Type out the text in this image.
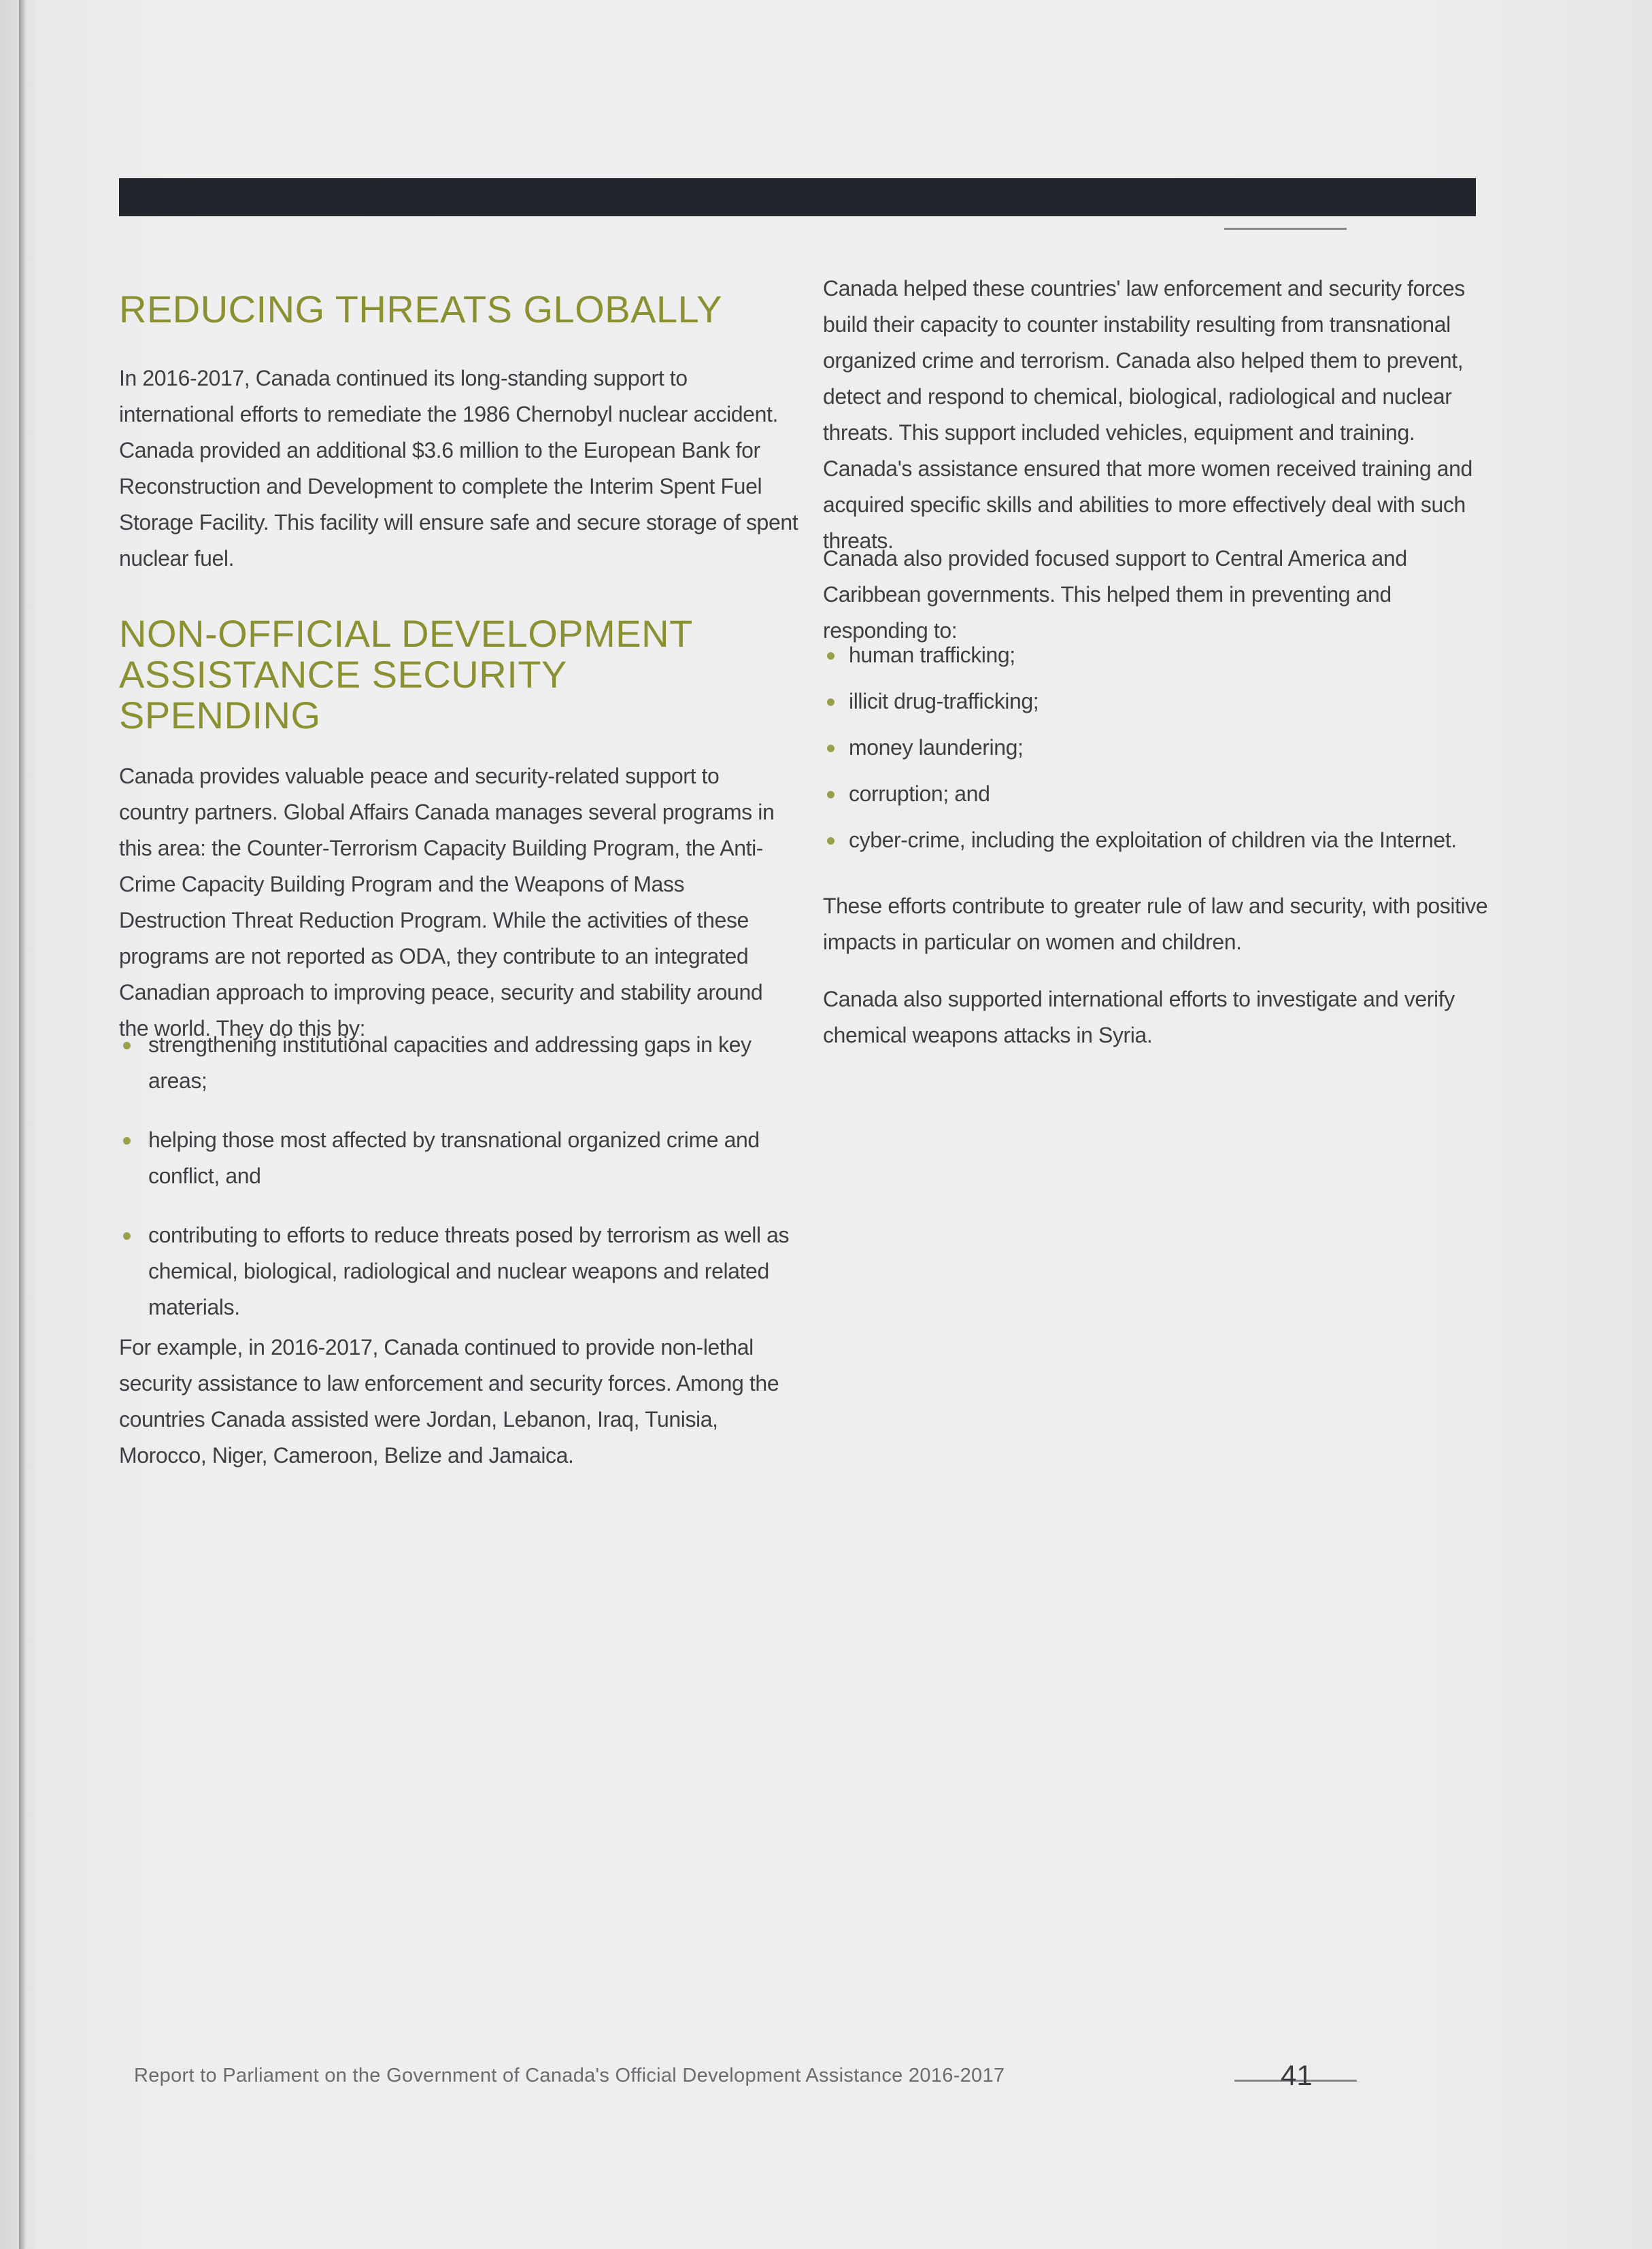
REDUCING THREATS GLOBALLY

In 2016-2017, Canada continued its long-standing support to international efforts to remediate the 1986 Chernobyl nuclear accident. Canada provided an additional $3.6 million to the European Bank for Reconstruction and Development to complete the Interim Spent Fuel Storage Facility. This facility will ensure safe and secure storage of spent nuclear fuel.

NON-OFFICIAL DEVELOPMENT
ASSISTANCE SECURITY
SPENDING

Canada provides valuable peace and security-related support to country partners. Global Affairs Canada manages several programs in this area: the Counter-Terrorism Capacity Building Program, the Anti-Crime Capacity Building Program and the Weapons of Mass Destruction Threat Reduction Program. While the activities of these programs are not reported as ODA, they contribute to an integrated Canadian approach to improving peace, security and stability around the world. They do this by:

strengthening institutional capacities and addressing gaps in key areas;
helping those most affected by transnational organized crime and conflict, and
contributing to efforts to reduce threats posed by terrorism as well as chemical, biological, radiological and nuclear weapons and related materials.

For example, in 2016-2017, Canada continued to provide non-lethal security assistance to law enforcement and security forces. Among the countries Canada assisted were Jordan, Lebanon, Iraq, Tunisia, Morocco, Niger, Cameroon, Belize and Jamaica.

Canada helped these countries' law enforcement and security forces build their capacity to counter instability resulting from transnational organized crime and terrorism. Canada also helped them to prevent, detect and respond to chemical, biological, radiological and nuclear threats. This support included vehicles, equipment and training. Canada's assistance ensured that more women received training and acquired specific skills and abilities to more effectively deal with such threats.

Canada also provided focused support to Central America and Caribbean governments. This helped them in preventing and responding to:

human trafficking;
illicit drug-trafficking;
money laundering;
corruption; and
cyber-crime, including the exploitation of children via the Internet.

These efforts contribute to greater rule of law and security, with positive impacts in particular on women and children.

Canada also supported international efforts to investigate and verify chemical weapons attacks in Syria.

Report to Parliament on the Government of Canada's Official Development Assistance 2016-2017	41
